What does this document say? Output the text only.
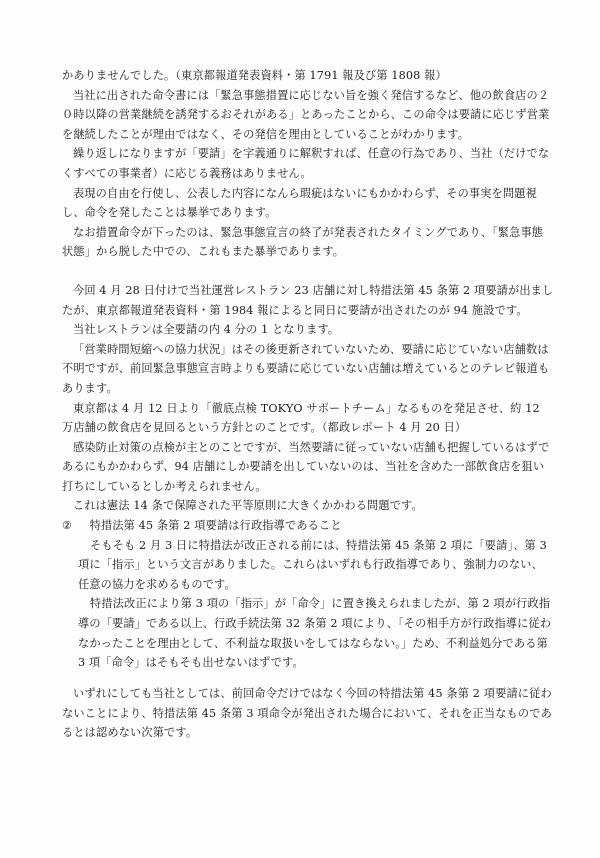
かありませんでした。（東京都報道発表資料・第 1791 報及び第 1808 報）

当社に出された命令書には「緊急事態措置に応じない旨を強く発信するなど、他の飲食店の２０時以降の営業継続を誘発するおそれがある」とあったことから、この命令は要請に応じず営業を継続したことが理由ではなく、その発信を理由としていることがわかります。

繰り返しになりますが「要請」を字義通りに解釈すれば、任意の行為であり、当社（だけでなくすべての事業者）に応じる義務はありません。

表現の自由を行使し、公表した内容になんら瑕疵はないにもかかわらず、その事実を問題視し、命令を発したことは暴挙であります。

なお措置命令が下ったのは、緊急事態宣言の終了が発表されたタイミングであり、「緊急事態状態」から脱した中での、これもまた暴挙であります。

今回 4 月 28 日付けで当社運営レストラン 23 店舗に対し特措法第 45 条第 2 項要請が出ましたが、東京都報道発表資料・第 1984 報によると同日に要請が出されたのが 94 施設です。

当社レストランは全要請の内 4 分の 1 となります。

「営業時間短縮への協力状況」はその後更新されていないため、要請に応じていない店舗数は不明ですが、前回緊急事態宣言時よりも要請に応じていない店舗は増えているとのテレビ報道もあります。

東京都は 4 月 12 日より「徹底点検 TOKYO サポートチーム」なるものを発足させ、約 12 万店舗の飲食店を見回るという方針とのことです。（都政レポート 4 月 20 日）

感染防止対策の点検が主とのことですが、当然要請に従っていない店舗も把握しているはずであるにもかかわらず、94 店舗にしか要請を出していないのは、当社を含めた一部飲食店を狙い打ちにしているとしか考えられません。

これは憲法 14 条で保障された平等原則に大きくかかわる問題です。

② 特措法第 45 条第 2 項要請は行政指導であること

そもそも 2 月 3 日に特措法が改正される前には、特措法第 45 条第 2 項に「要請」、第 3 項に「指示」という文言がありました。これらはいずれも行政指導であり、強制力のない、任意の協力を求めるものです。

特措法改正により第 3 項の「指示」が「命令」に置き換えられましたが、第 2 項が行政指導の「要請」である以上、行政手続法第 32 条第 2 項により、「その相手方が行政指導に従わなかったことを理由として、不利益な取扱いをしてはならない。」ため、不利益処分である第 3 項「命令」はそもそも出せないはずです。

いずれにしても当社としては、前回命令だけではなく今回の特措法第 45 条第 2 項要請に従わないことにより、特措法第 45 条第 3 項命令が発出された場合において、それを正当なものであるとは認めない次第です。
